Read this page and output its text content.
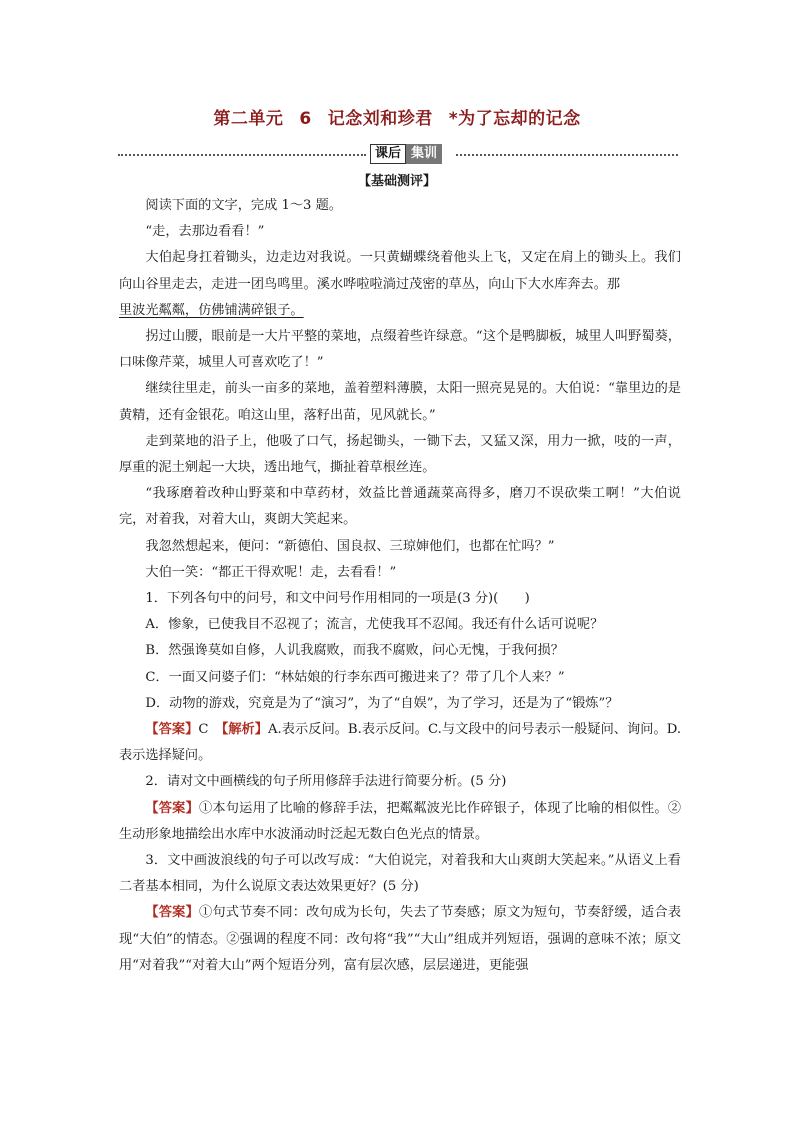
第二单元 6 记念刘和珍君 *为了忘却的记念
课后 集训
【基础测评】

阅读下面的文字，完成 1～3 题。

“走，去那边看看！”

大伯起身扛着锄头，边走边对我说。一只黄蝴蝶绕着他头上飞，又定在肩上的锄头上。我们向山谷里走去，走进一团鸟鸣里。溪水哗啦啦淌过茂密的草丛，向山下大水库奔去。那

里波光粼粼，仿佛铺满碎银子。

拐过山腰，眼前是一大片平整的菜地，点缀着些许绿意。“这个是鸭脚板，城里人叫野蜀葵，口味像芹菜，城里人可喜欢吃了！”

继续往里走，前头一亩多的菜地，盖着塑料薄膜，太阳一照亮晃晃的。大伯说：“靠里边的是黄精，还有金银花。咱这山里，落籽出苗，见风就长。”

走到菜地的沿子上，他吸了口气，扬起锄头，一锄下去，又猛又深，用力一掀，吱的一声，厚重的泥土剜起一大块，透出地气，撕扯着草根丝连。

“我琢磨着改种山野菜和中草药材，效益比普通蔬菜高得多，磨刀不误砍柴工啊！”大伯说完，对着我，对着大山，爽朗大笑起来。

我忽然想起来，便问：“新德伯、国良叔、三琼婶他们，也都在忙吗？”

大伯一笑：“都正干得欢呢！走，去看看！”

1．下列各句中的问号，和文中问号作用相同的一项是(3 分)(　　)

A．惨象，已使我目不忍视了；流言，尤使我耳不忍闻。我还有什么话可说呢？

B．然强谗莫如自修，人讥我腐败，而我不腐败，问心无愧，于我何损？

C．一面又问婆子们：“林姑娘的行李东西可搬进来了？带了几个人来？”

D．动物的游戏，究竟是为了“演习”，为了“自娱”，为了学习，还是为了“锻炼”？

【答案】C　【解析】A.表示反问。B.表示反问。C.与文段中的问号表示一般疑问、询问。D.表示选择疑问。

2．请对文中画横线的句子所用修辞手法进行简要分析。(5 分)

【答案】①本句运用了比喻的修辞手法，把粼粼波光比作碎银子，体现了比喻的相似性。②生动形象地描绘出水库中水波涌动时泛起无数白色光点的情景。

3．文中画波浪线的句子可以改写成：“大伯说完，对着我和大山爽朗大笑起来。”从语义上看二者基本相同，为什么说原文表达效果更好？(5 分)

【答案】①句式节奏不同：改句成为长句，失去了节奏感；原文为短句，节奏舒缓，适合表现“大伯”的情态。②强调的程度不同：改句将“我”“大山”组成并列短语，强调的意味不浓；原文用“对着我”“对着大山”两个短语分列，富有层次感，层层递进，更能强
